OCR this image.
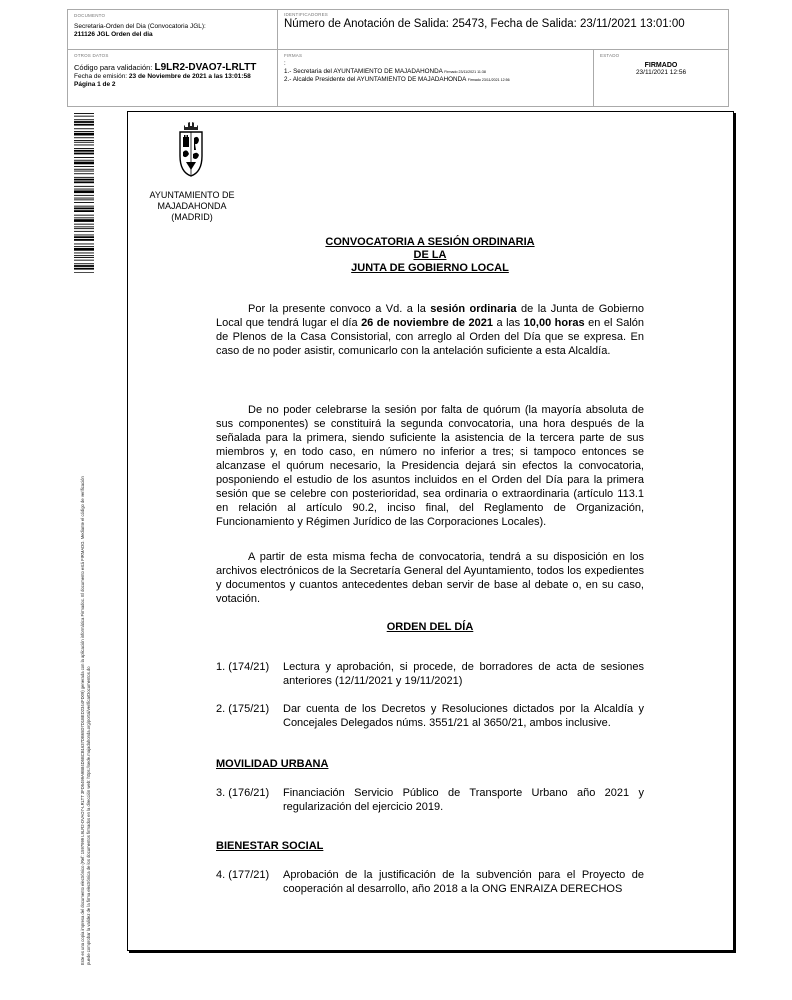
DOCUMENTO
Secretaria-Orden del Dia (Convocatoria JGL):
211126 JGL Orden del dia
IDENTIFICADORES
Número de Anotación de Salida: 25473, Fecha de Salida: 23/11/2021 13:01:00
OTROS DATOS
Código para validación: L9LR2-DVAO7-LRLTT
Fecha de emisión: 23 de Noviembre de 2021 a las 13:01:58
Página 1 de 2
FIRMAS
:
1.- Secretaria del AYUNTAMIENTO DE MAJADAHONDA Firmado 23/11/2021 11:38
2.- Alcalde Presidente del AYUNTAMIENTO DE MAJADAHONDA Firmado 23/11/2021 12:56
ESTADO
FIRMADO
23/11/2021 12:56
Este es una copia impresa del documento electrónico (Ref: 1597999 L9LR2-DVAO7-LRLTT 3FD5499A9B84D5BCB1637DB65D7D1BED2344FD09) generada con la aplicación informática Firmadoc. El documento está FIRMADO. Mediante el código de verificación puede comprobar la validez de la firma electrónica de los documentos firmados en la dirección web: https://sede.majadahonda.org/portal/verificarDocumentos.do
AYUNTAMIENTO DE
MAJADAHONDA
(MADRID)
CONVOCATORIA A SESIÓN ORDINARIA
DE LA
JUNTA DE GOBIERNO LOCAL
Por la presente convoco a Vd. a la sesión ordinaria de la Junta de Gobierno Local que tendrá lugar el día 26 de noviembre de 2021 a las 10,00 horas en el Salón de Plenos de la Casa Consistorial, con arreglo al Orden del Día que se expresa. En caso de no poder asistir, comunicarlo con la antelación suficiente a esta Alcaldía.
De no poder celebrarse la sesión por falta de quórum (la mayoría absoluta de sus componentes) se constituirá la segunda convocatoria, una hora después de la señalada para la primera, siendo suficiente la asistencia de la tercera parte de sus miembros y, en todo caso, en número no inferior a tres; si tampoco entonces se alcanzase el quórum necesario, la Presidencia dejará sin efectos la convocatoria, posponiendo el estudio de los asuntos incluidos en el Orden del Día para la primera sesión que se celebre con posterioridad, sea ordinaria o extraordinaria (artículo 113.1 en relación al artículo 90.2, inciso final, del Reglamento de Organización, Funcionamiento y Régimen Jurídico de las Corporaciones Locales).
A partir de esta misma fecha de convocatoria, tendrá a su disposición en los archivos electrónicos de la Secretaría General del Ayuntamiento, todos los expedientes y documentos y cuantos antecedentes deban servir de base al debate o, en su caso, votación.
ORDEN DEL DÍA
1. (174/21) Lectura y aprobación, si procede, de borradores de acta de sesiones anteriores (12/11/2021 y 19/11/2021)
2. (175/21) Dar cuenta de los Decretos y Resoluciones dictados por la Alcaldía y Concejales Delegados núms. 3551/21 al 3650/21, ambos inclusive.
MOVILIDAD URBANA
3. (176/21) Financiación Servicio Público de Transporte Urbano año 2021 y regularización del ejercicio 2019.
BIENESTAR SOCIAL
4. (177/21) Aprobación de la justificación de la subvención para el Proyecto de cooperación al desarrollo, año 2018 a la ONG ENRAIZA DERECHOS
